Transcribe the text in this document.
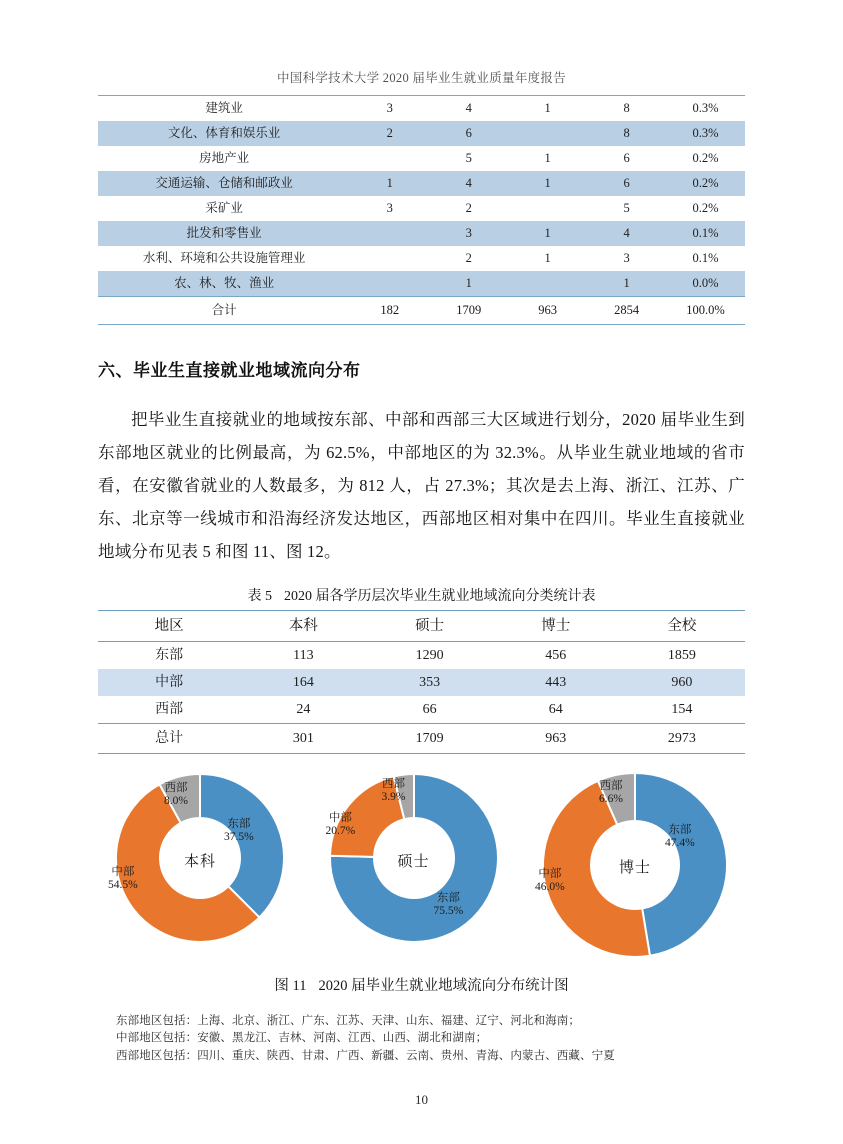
中国科学技术大学 2020 届毕业生就业质量年度报告

建筑业	3	4	1	8	0.3%
文化、体育和娱乐业	2	6		8	0.3%
房地产业		5	1	6	0.2%
交通运输、仓储和邮政业	1	4	1	6	0.2%
采矿业	3	2		5	0.2%
批发和零售业		3	1	4	0.1%
水利、环境和公共设施管理业		2	1	3	0.1%
农、林、牧、渔业		1		1	0.0%
合计	182	1709	963	2854	100.0%
六、毕业生直接就业地域流向分布

把毕业生直接就业的地域按东部、中部和西部三大区域进行划分，2020 届毕业生到东部地区就业的比例最高，为 62.5%，中部地区的为 32.3%。从毕业生就业地域的省市看，在安徽省就业的人数最多，为 812 人，占 27.3%；其次是去上海、浙江、江苏、广东、北京等一线城市和沿海经济发达地区，西部地区相对集中在四川。毕业生直接就业地域分布见表 5 和图 11、图 12。

表 5 2020 届各学历层次毕业生就业地域流向分类统计表
地区	本科	硕士	博士	全校
东部	113	1290	456	1859
中部	164	353	443	960
西部	24	66	64	154
总计	301	1709	963	2973
本科
西部
8.0%
东部
37.5%
中部
54.5%
硕士
西部
3.9%
中部
20.7%
东部
75.5%
博士
西部
6.6%
东部
47.4%
中部
46.0%
图 11 2020 届毕业生就业地域流向分布统计图
东部地区包括：上海、北京、浙江、广东、江苏、天津、山东、福建、辽宁、河北和海南；
中部地区包括：安徽、黑龙江、吉林、河南、江西、山西、湖北和湖南；
西部地区包括：四川、重庆、陕西、甘肃、广西、新疆、云南、贵州、青海、内蒙古、西藏、宁夏
10
